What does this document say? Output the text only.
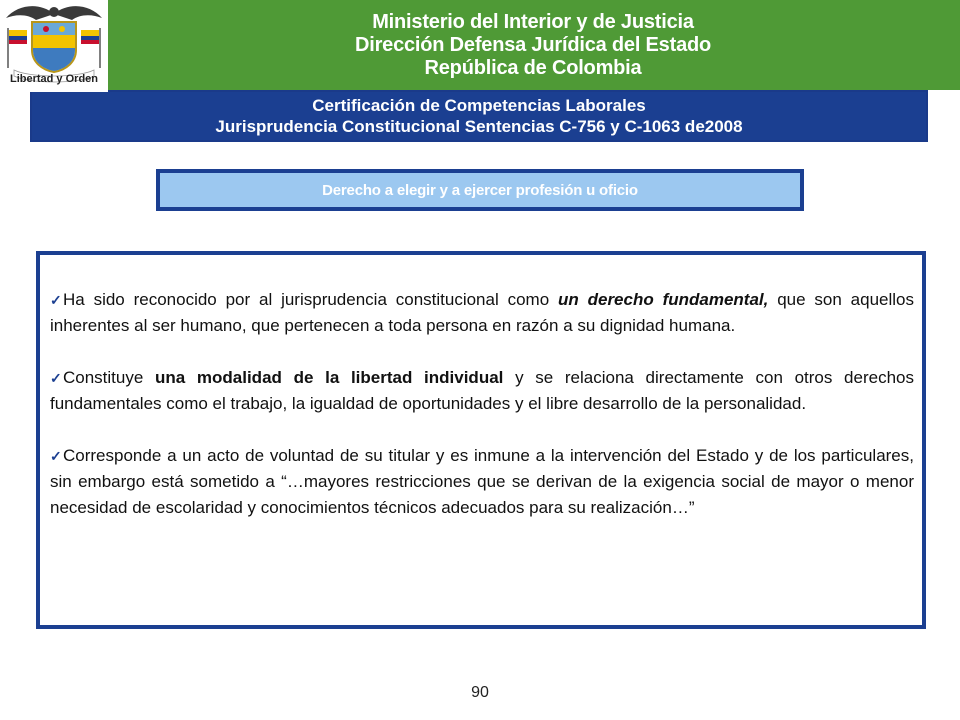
Libertad y Orden
Ministerio del Interior y de Justicia
Dirección Defensa Jurídica del Estado
República de Colombia
Certificación de Competencias Laborales
Jurisprudencia Constitucional Sentencias C-756 y C-1063 de2008
Derecho a elegir y a ejercer profesión u oficio

✓Ha sido reconocido por al jurisprudencia constitucional como un derecho fundamental, que son aquellos inherentes al ser humano, que pertenecen a toda persona en razón a su dignidad humana.

✓Constituye una modalidad de la libertad individual y se relaciona directamente con otros derechos fundamentales como el trabajo, la igualdad de oportunidades y el libre desarrollo de la personalidad.

✓Corresponde a un acto de voluntad de su titular y es inmune a la intervención del Estado y de los particulares, sin embargo está sometido a “…mayores restricciones que se derivan de la exigencia social de mayor o menor necesidad de escolaridad y conocimientos técnicos adecuados para su realización…”

90
